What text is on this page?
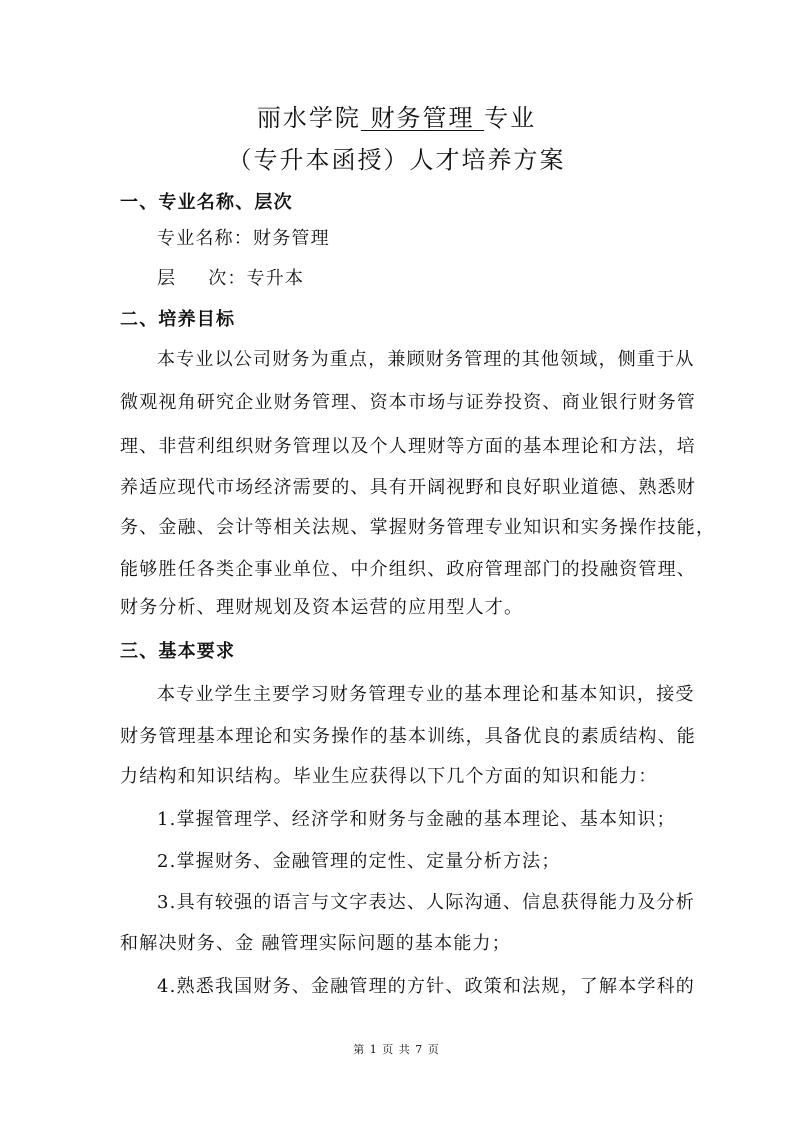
丽水学院 财务管理 专业
（专升本函授）人才培养方案
一、专业名称、层次
专业名称：财务管理
层 次：专升本
二、培养目标
本专业以公司财务为重点，兼顾财务管理的其他领域，侧重于从
微观视角研究企业财务管理、资本市场与证券投资、商业银行财务管
理、非营利组织财务管理以及个人理财等方面的基本理论和方法，培
养适应现代市场经济需要的、具有开阔视野和良好职业道德、熟悉财
务、金融、会计等相关法规、掌握财务管理专业知识和实务操作技能，
能够胜任各类企事业单位、中介组织、政府管理部门的投融资管理、
财务分析、理财规划及资本运营的应用型人才。
三、基本要求
本专业学生主要学习财务管理专业的基本理论和基本知识，接受
财务管理基本理论和实务操作的基本训练，具备优良的素质结构、能
力结构和知识结构。毕业生应获得以下几个方面的知识和能力：
1.掌握管理学、经济学和财务与金融的基本理论、基本知识；
2.掌握财务、金融管理的定性、定量分析方法；
3.具有较强的语言与文字表达、人际沟通、信息获得能力及分析
和解决财务、金 融管理实际问题的基本能力；
4.熟悉我国财务、金融管理的方针、政策和法规，了解本学科的
第 1 页 共 7 页
